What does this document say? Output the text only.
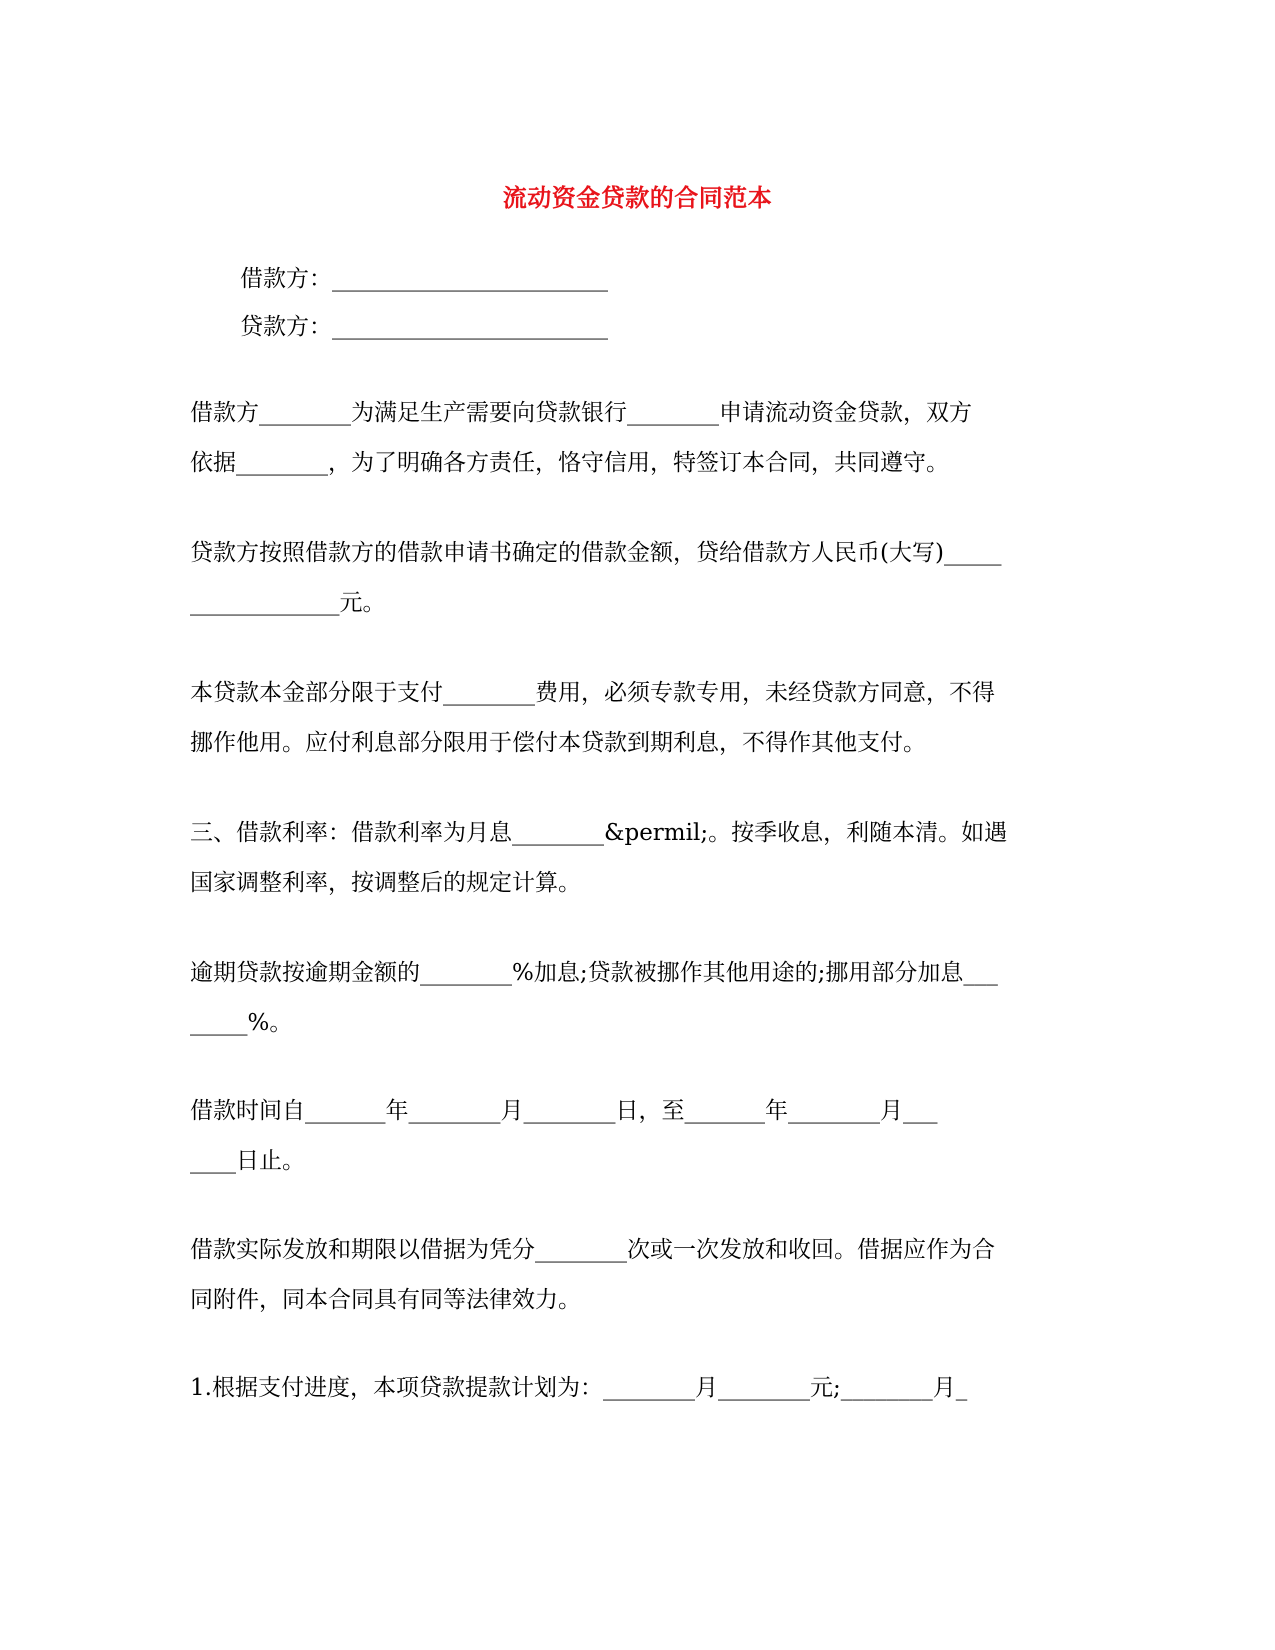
流动资金贷款的合同范本
借款方：________________________
贷款方：________________________
借款方________为满足生产需要向贷款银行________申请流动资金贷款，双方
依据________，为了明确各方责任，恪守信用，特签订本合同，共同遵守。
贷款方按照借款方的借款申请书确定的借款金额，贷给借款方人民币(大写)_____
_____________元。
本贷款本金部分限于支付________费用，必须专款专用，未经贷款方同意，不得
挪作他用。应付利息部分限用于偿付本贷款到期利息，不得作其他支付。
三、借款利率：借款利率为月息________&permil;。按季收息，利随本清。如遇
国家调整利率，按调整后的规定计算。
逾期贷款按逾期金额的________%加息;贷款被挪作其他用途的;挪用部分加息___
_____%。
借款时间自_______年________月________日，至_______年________月___
____日止。
借款实际发放和期限以借据为凭分________次或一次发放和收回。借据应作为合
同附件，同本合同具有同等法律效力。
1.根据支付进度，本项贷款提款计划为：________月________元;________月_
